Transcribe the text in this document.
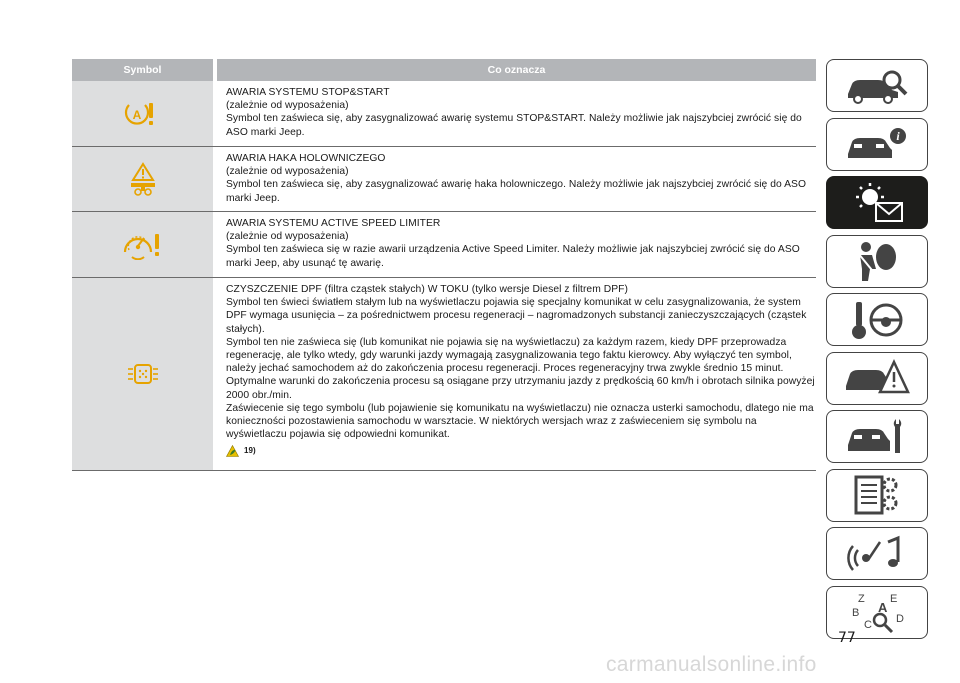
Symbol	Co oznacza
A

AWARIA SYSTEMU STOP&START

(zależnie od wyposażenia)

Symbol ten zaświeca się, aby zasygnalizować awarię systemu STOP&START. Należy możliwie jak najszybciej zwrócić się do ASO marki Jeep.

AWARIA HAKA HOLOWNICZEGO

(zależnie od wyposażenia)

Symbol ten zaświeca się, aby zasygnalizować awarię haka holowniczego. Należy możliwie jak najszybciej zwrócić się do ASO marki Jeep.

AWARIA SYSTEMU ACTIVE SPEED LIMITER

(zależnie od wyposażenia)

Symbol ten zaświeca się w razie awarii urządzenia Active Speed Limiter. Należy możliwie jak najszybciej zwrócić się do ASO marki Jeep, aby usunąć tę awarię.

CZYSZCZENIE DPF (filtra cząstek stałych) W TOKU (tylko wersje Diesel z filtrem DPF)

Symbol ten świeci światłem stałym lub na wyświetlaczu pojawia się specjalny komunikat w celu zasygnalizowania, że system DPF wymaga usunięcia – za pośrednictwem procesu regeneracji – nagromadzonych substancji zanieczyszczających (cząstek stałych).

Symbol ten nie zaświeca się (lub komunikat nie pojawia się na wyświetlaczu) za każdym razem, kiedy DPF przeprowadza regenerację, ale tylko wtedy, gdy warunki jazdy wymagają zasygnalizowania tego faktu kierowcy. Aby wyłączyć ten symbol, należy jechać samochodem aż do zakończenia procesu regeneracji. Proces regeneracyjny trwa zwykle średnio 15 minut. Optymalne warunki do zakończenia procesu są osiągane przy utrzymaniu jazdy z prędkością 60 km/h i obrotach silnika powyżej 2000 obr./min.

Zaświecenie się tego symbolu (lub pojawienie się komunikatu na wyświetlaczu) nie oznacza usterki samochodu, dlatego nie ma konieczności pozostawienia samochodu w warsztacie. W niektórych wersjach wraz z zaświeceniem się symbolu na wyświetlaczu pojawia się odpowiedni komunikat.

19)
i
Z E
B A
C D
77
carmanualsonline.info
